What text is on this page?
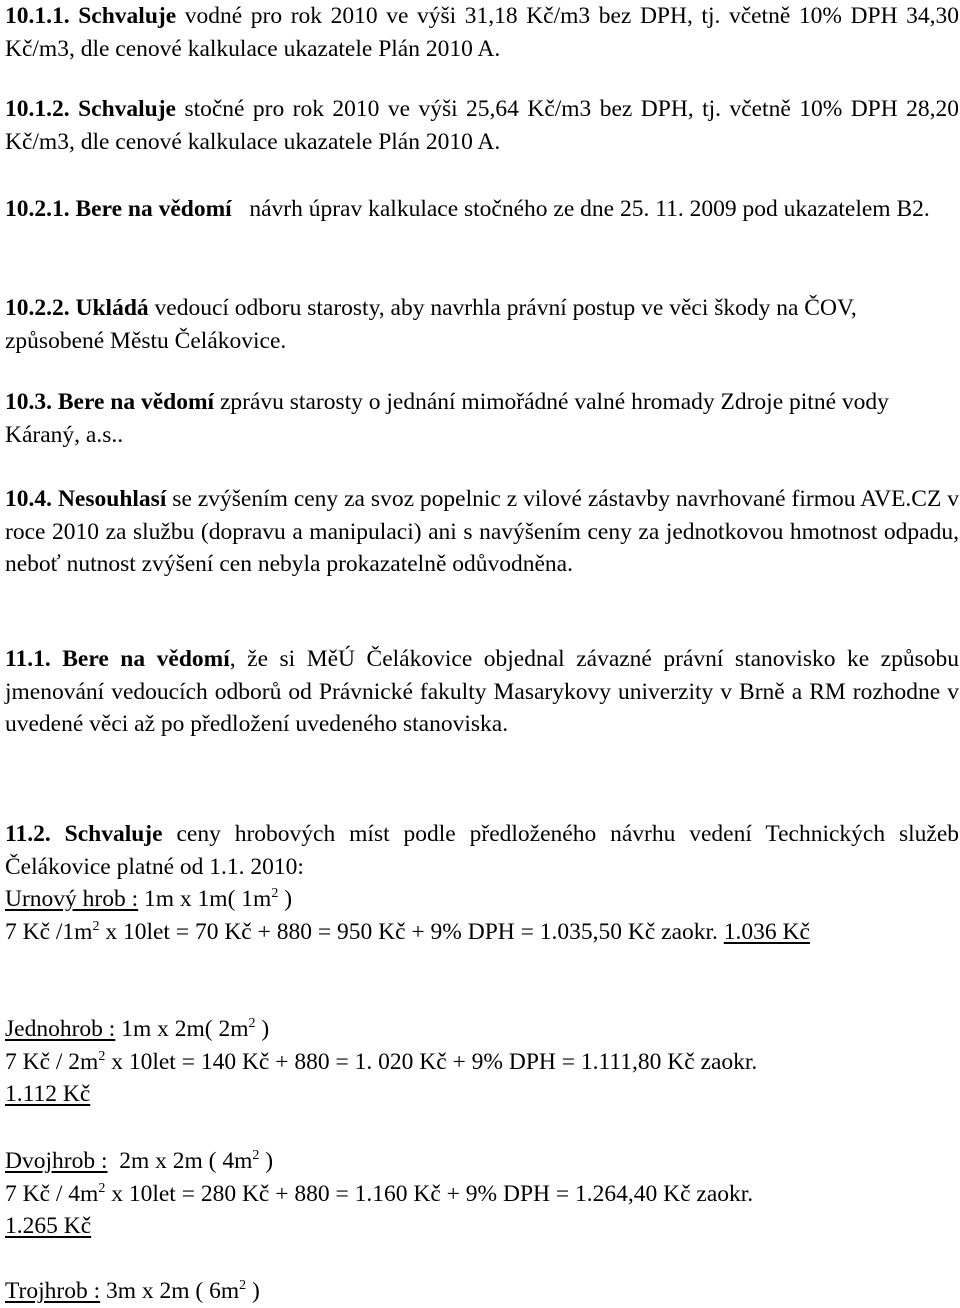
10.1.1. Schvaluje vodné pro rok 2010 ve výši 31,18 Kč/m3 bez DPH, tj. včetně 10% DPH 34,30 Kč/m3, dle cenové kalkulace ukazatele Plán 2010 A.

10.1.2. Schvaluje stočné pro rok 2010 ve výši 25,64 Kč/m3 bez DPH, tj. včetně 10% DPH 28,20 Kč/m3, dle cenové kalkulace ukazatele Plán 2010 A.

10.2.1. Bere na vědomí návrh úprav kalkulace stočného ze dne 25. 11. 2009 pod ukazatelem B2.

10.2.2. Ukládá vedoucí odboru starosty, aby navrhla právní postup ve věci škody na ČOV, způsobené Městu Čelákovice.

10.3. Bere na vědomí zprávu starosty o jednání mimořádné valné hromady Zdroje pitné vody Káraný, a.s..

10.4. Nesouhlasí se zvýšením ceny za svoz popelnic z vilové zástavby navrhované firmou AVE.CZ v roce 2010 za službu (dopravu a manipulaci) ani s navýšením ceny za jednotkovou hmotnost odpadu, neboť nutnost zvýšení cen nebyla prokazatelně odůvodněna.

11.1. Bere na vědomí, že si MěÚ Čelákovice objednal závazné právní stanovisko ke způsobu jmenování vedoucích odborů od Právnické fakulty Masarykovy univerzity v Brně a RM rozhodne v uvedené věci až po předložení uvedeného stanoviska.

11.2. Schvaluje ceny hrobových míst podle předloženého návrhu vedení Technických služeb Čelákovice platné od 1.1. 2010:

Urnový hrob : 1m x 1m( $1m^2$ )
7 Kč $/1m^2$ x 10let = 70 Kč + 880 = 950 Kč + 9% DPH = 1.035,50 Kč zaokr. 1.036 Kč
Jednohrob : 1m x 2m( $2m^2$ )
7 Kč / $2m^2$ x 10let = 140 Kč + 880 = 1. 020 Kč + 9% DPH = 1.111,80 Kč zaokr.
1.112 Kč
Dvojhrob : 2m x 2m ( $4m^2$ )
7 Kč / $4m^2$ x 10let = 280 Kč + 880 = 1.160 Kč + 9% DPH = 1.264,40 Kč zaokr.
1.265 Kč
Trojhrob : 3m x 2m ( $6m^2$ )
